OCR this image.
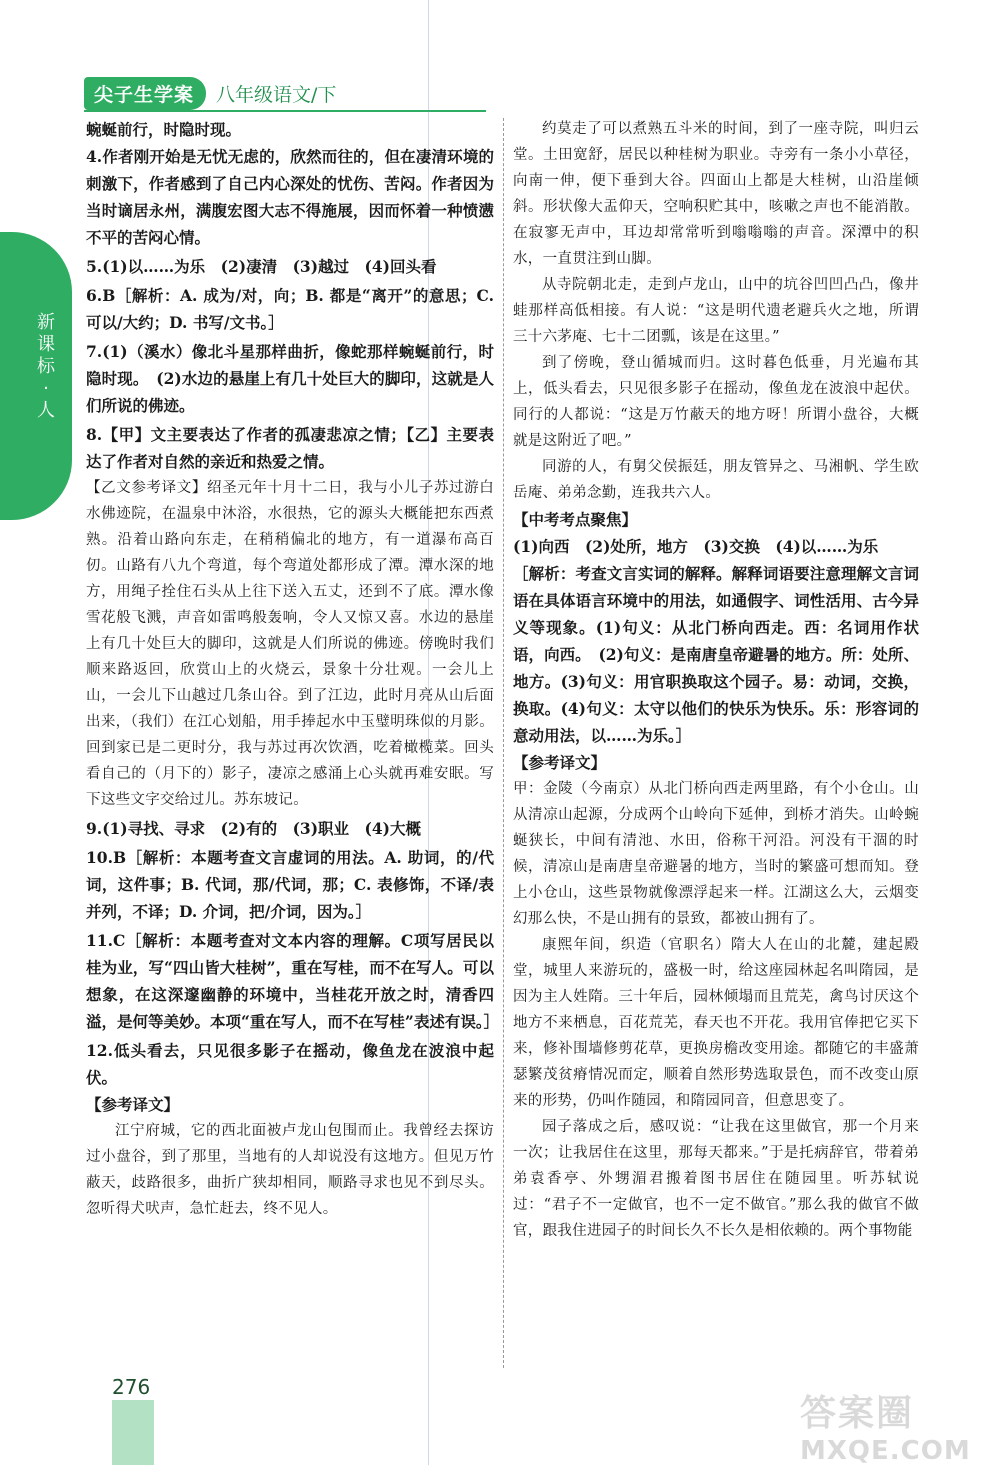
尖子生学案	八年级语文/下
新课标·人

蜿蜒前行，时隐时现。

4.作者刚开始是无忧无虑的，欣然而往的，但在凄清环境的刺激下，作者感到了自己内心深处的忧伤、苦闷。作者因为当时谪居永州，满腹宏图大志不得施展，因而怀着一种愤懑不平的苦闷心情。

5.(1)以……为乐　(2)凄清　(3)越过　(4)回头看

6.B［解析：A. 成为/对，向；B. 都是“离开”的意思；C. 可以/大约；D. 书写/文书。］

7.(1)（溪水）像北斗星那样曲折，像蛇那样蜿蜒前行，时隐时现。　(2)水边的悬崖上有几十处巨大的脚印，这就是人们所说的佛迹。

8.【甲】文主要表达了作者的孤凄悲凉之情；【乙】主要表达了作者对自然的亲近和热爱之情。

【乙文参考译文】绍圣元年十月十二日，我与小儿子苏过游白水佛迹院，在温泉中沐浴，水很热，它的源头大概能把东西煮熟。沿着山路向东走，在稍稍偏北的地方，有一道瀑布高百仞。山路有八九个弯道，每个弯道处都形成了潭。潭水深的地方，用绳子拴住石头从上往下送入五丈，还到不了底。潭水像雪花般飞溅，声音如雷鸣般轰响，令人又惊又喜。水边的悬崖上有几十处巨大的脚印，这就是人们所说的佛迹。傍晚时我们顺来路返回，欣赏山上的火烧云，景象十分壮观。一会儿上山，一会儿下山越过几条山谷。到了江边，此时月亮从山后面出来，（我们）在江心划船，用手捧起水中玉璧明珠似的月影。回到家已是二更时分，我与苏过再次饮酒，吃着橄榄菜。回头看自己的（月下的）影子，凄凉之感涌上心头就再难安眠。写下这些文字交给过儿。苏东坡记。

9.(1)寻找、寻求　(2)有的　(3)职业　(4)大概

10.B［解析：本题考查文言虚词的用法。A. 助词，的/代词，这件事；B. 代词，那/代词，那；C. 表修饰，不译/表并列，不译；D. 介词，把/介词，因为。］

11.C［解析：本题考查对文本内容的理解。C项写居民以桂为业，写“四山皆大桂树”，重在写桂，而不在写人。可以想象，在这深邃幽静的环境中，当桂花开放之时，清香四溢，是何等美妙。本项“重在写人，而不在写桂”表述有误。］

12.低头看去，只见很多影子在摇动，像鱼龙在波浪中起伏。

【参考译文】

江宁府城，它的西北面被卢龙山包围而止。我曾经去探访过小盘谷，到了那里，当地有的人却说没有这地方。但见万竹蔽天，歧路很多，曲折广狭却相同，顺路寻求也见不到尽头。忽听得犬吠声，急忙赶去，终不见人。

约莫走了可以煮熟五斗米的时间，到了一座寺院，叫归云堂。土田宽舒，居民以种桂树为职业。寺旁有一条小小草径，向南一伸，便下垂到大谷。四面山上都是大桂树，山沿崖倾斜。形状像大盂仰天，空响积贮其中，咳嗽之声也不能消散。在寂寥无声中，耳边却常常听到嗡嗡嗡的声音。深潭中的积水，一直贯注到山脚。

从寺院朝北走，走到卢龙山，山中的坑谷凹凹凸凸，像井蛙那样高低相接。有人说：“这是明代遗老避兵火之地，所谓三十六茅庵、七十二团瓢，该是在这里。”

到了傍晚，登山循城而归。这时暮色低垂，月光遍布其上，低头看去，只见很多影子在摇动，像鱼龙在波浪中起伏。同行的人都说：“这是万竹蔽天的地方呀！所谓小盘谷，大概就是这附近了吧。”

同游的人，有舅父侯振廷，朋友管异之、马湘帆、学生欧岳庵、弟弟念勤，连我共六人。

【中考考点聚焦】

(1)向西　(2)处所，地方　(3)交换　(4)以……为乐

［解析：考查文言实词的解释。解释词语要注意理解文言词语在具体语言环境中的用法，如通假字、词性活用、古今异义等现象。(1)句义：从北门桥向西走。西：名词用作状语，向西。　(2)句义：是南唐皇帝避暑的地方。所：处所、地方。(3)句义：用官职换取这个园子。易：动词，交换，换取。(4)句义：太守以他们的快乐为快乐。乐：形容词的意动用法，以……为乐。］

【参考译文】

甲：金陵（今南京）从北门桥向西走两里路，有个小仓山。山从清凉山起源，分成两个山岭向下延伸，到桥才消失。山岭蜿蜒狭长，中间有清池、水田，俗称干河沿。河没有干涸的时候，清凉山是南唐皇帝避暑的地方，当时的繁盛可想而知。登上小仓山，这些景物就像漂浮起来一样。江湖这么大，云烟变幻那么快，不是山拥有的景致，都被山拥有了。

康熙年间，织造（官职名）隋大人在山的北麓，建起殿堂，城里人来游玩的，盛极一时，给这座园林起名叫隋园，是因为主人姓隋。三十年后，园林倾塌而且荒芜，禽鸟讨厌这个地方不来栖息，百花荒芜，春天也不开花。我用官俸把它买下来，修补围墙修剪花草，更换房檐改变用途。都随它的丰盛萧瑟繁茂贫瘠情况而定，顺着自然形势选取景色，而不改变山原来的形势，仍叫作随园，和隋园同音，但意思变了。

园子落成之后，感叹说：“让我在这里做官，那一个月来一次；让我居住在这里，那每天都来。”于是托病辞官，带着弟弟袁香亭、外甥湄君搬着图书居住在随园里。听苏轼说过：“君子不一定做官，也不一定不做官。”那么我的做官不做官，跟我住进园子的时间长久不长久是相依赖的。两个事物能

276
答案圈
MXQE.COM
